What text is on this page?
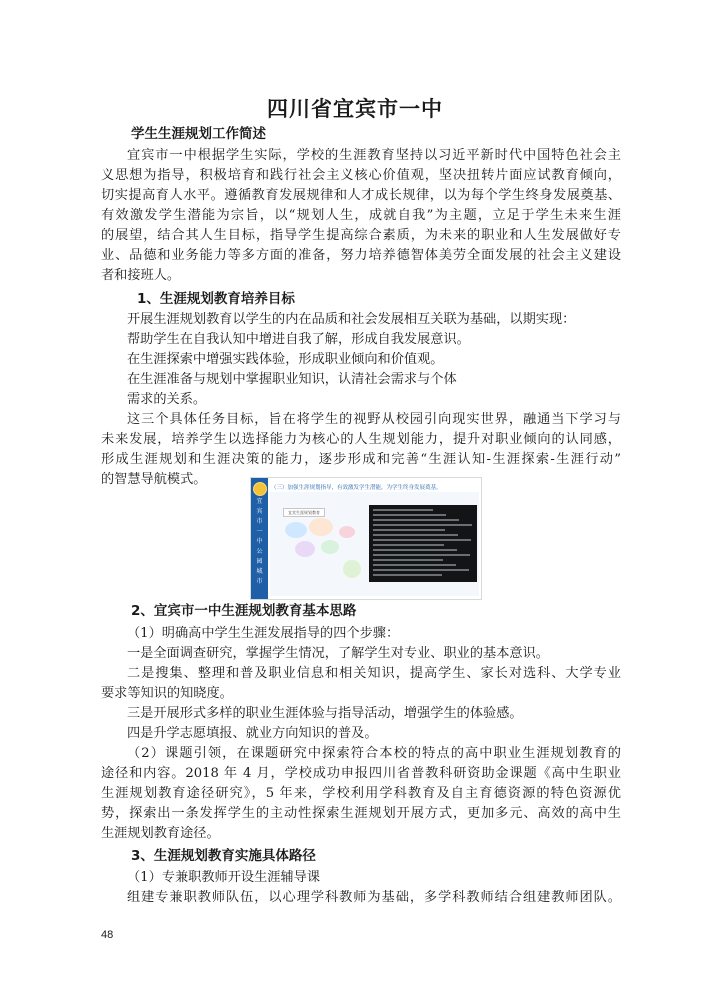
四川省宜宾市一中
学生生涯规划工作简述
宜宾市一中根据学生实际，学校的生涯教育坚持以习近平新时代中国特色社会主
义思想为指导，积极培育和践行社会主义核心价值观，坚决扭转片面应试教育倾向，
切实提高育人水平。遵循教育发展规律和人才成长规律，以为每个学生终身发展奠基、
有效激发学生潜能为宗旨，以“规划人生，成就自我”为主题，立足于学生未来生涯
的展望，结合其人生目标，指导学生提高综合素质，为未来的职业和人生发展做好专
业、品德和业务能力等多方面的准备，努力培养德智体美劳全面发展的社会主义建设
者和接班人。
1、生涯规划教育培养目标
开展生涯规划教育以学生的内在品质和社会发展相互关联为基础，以期实现：
帮助学生在自我认知中增进自我了解，形成自我发展意识。
在生涯探索中增强实践体验，形成职业倾向和价值观。
在生涯准备与规划中掌握职业知识，认清社会需求与个体
需求的关系。
这三个具体任务目标，旨在将学生的视野从校园引向现实世界，融通当下学习与
未来发展，培养学生以选择能力为核心的人生规划能力，提升对职业倾向的认同感，
形成生涯规划和生涯决策的能力，逐步形成和完善“生涯认知-生涯探索-生涯行动”
的智慧导航模式。
2、宜宾市一中生涯规划教育基本思路
（1）明确高中学生生涯发展指导的四个步骤：
一是全面调查研究，掌握学生情况，了解学生对专业、职业的基本意识。
二是搜集、整理和普及职业信息和相关知识，提高学生、家长对选科、大学专业
要求等知识的知晓度。
三是开展形式多样的职业生涯体验与指导活动，增强学生的体验感。
四是升学志愿填报、就业方向知识的普及。
（2）课题引领，在课题研究中探索符合本校的特点的高中职业生涯规划教育的
途径和内容。2018 年 4 月，学校成功申报四川省普教科研资助金课题《高中生职业
生涯规划教育途径研究》，5 年来，学校利用学科教育及自主育德资源的特色资源优
势，探索出一条发挥学生的主动性探索生涯规划开展方式，更加多元、高效的高中生
生涯规划教育途径。
3、生涯规划教育实施具体路径
（1）专兼职教师开设生涯辅导课
组建专兼职教师队伍，以心理学科教师为基础，多学科教师结合组建教师团队。
宜
宾
市
一
中
公
园
城
市
（三）加强生涯规划指导，有效激发学生潜能，为学生终身发展奠基。
宜宾生涯规划教育
48
